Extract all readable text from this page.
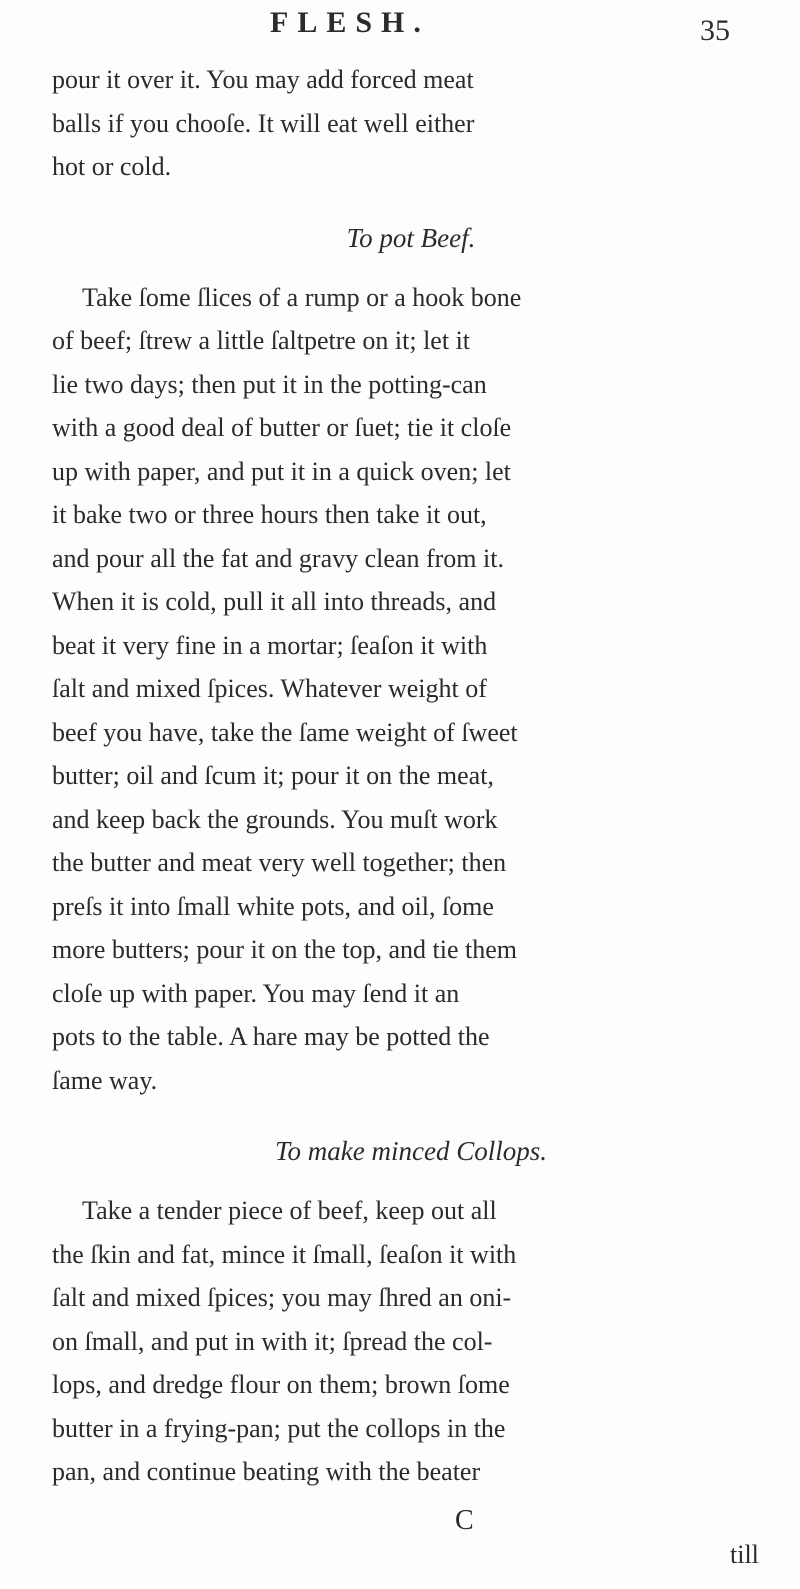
FLESH.	35

pour it over it. You may add forced meat
balls if you chooſe. It will eat well either
hot or cold.

To pot Beef.

Take ſome ſlices of a rump or a hook bone
of beef; ſtrew a little ſaltpetre on it; let it
lie two days; then put it in the potting-can
with a good deal of butter or ſuet; tie it cloſe
up with paper, and put it in a quick oven; let
it bake two or three hours then take it out,
and pour all the fat and gravy clean from it.
When it is cold, pull it all into threads, and
beat it very fine in a mortar; ſeaſon it with
ſalt and mixed ſpices. Whatever weight of
beef you have, take the ſame weight of ſweet
butter; oil and ſcum it; pour it on the meat,
and keep back the grounds. You muſt work
the butter and meat very well together; then
preſs it into ſmall white pots, and oil, ſome
more butters; pour it on the top, and tie them
cloſe up with paper. You may ſend it an
pots to the table. A hare may be potted the
ſame way.

To make minced Collops.

Take a tender piece of beef, keep out all
the ſkin and fat, mince it ſmall, ſeaſon it with
ſalt and mixed ſpices; you may ſhred an oni-
on ſmall, and put in with it; ſpread the col-
lops, and dredge flour on them; brown ſome
butter in a frying-pan; put the collops in the
pan, and continue beating with the beater

C
till
